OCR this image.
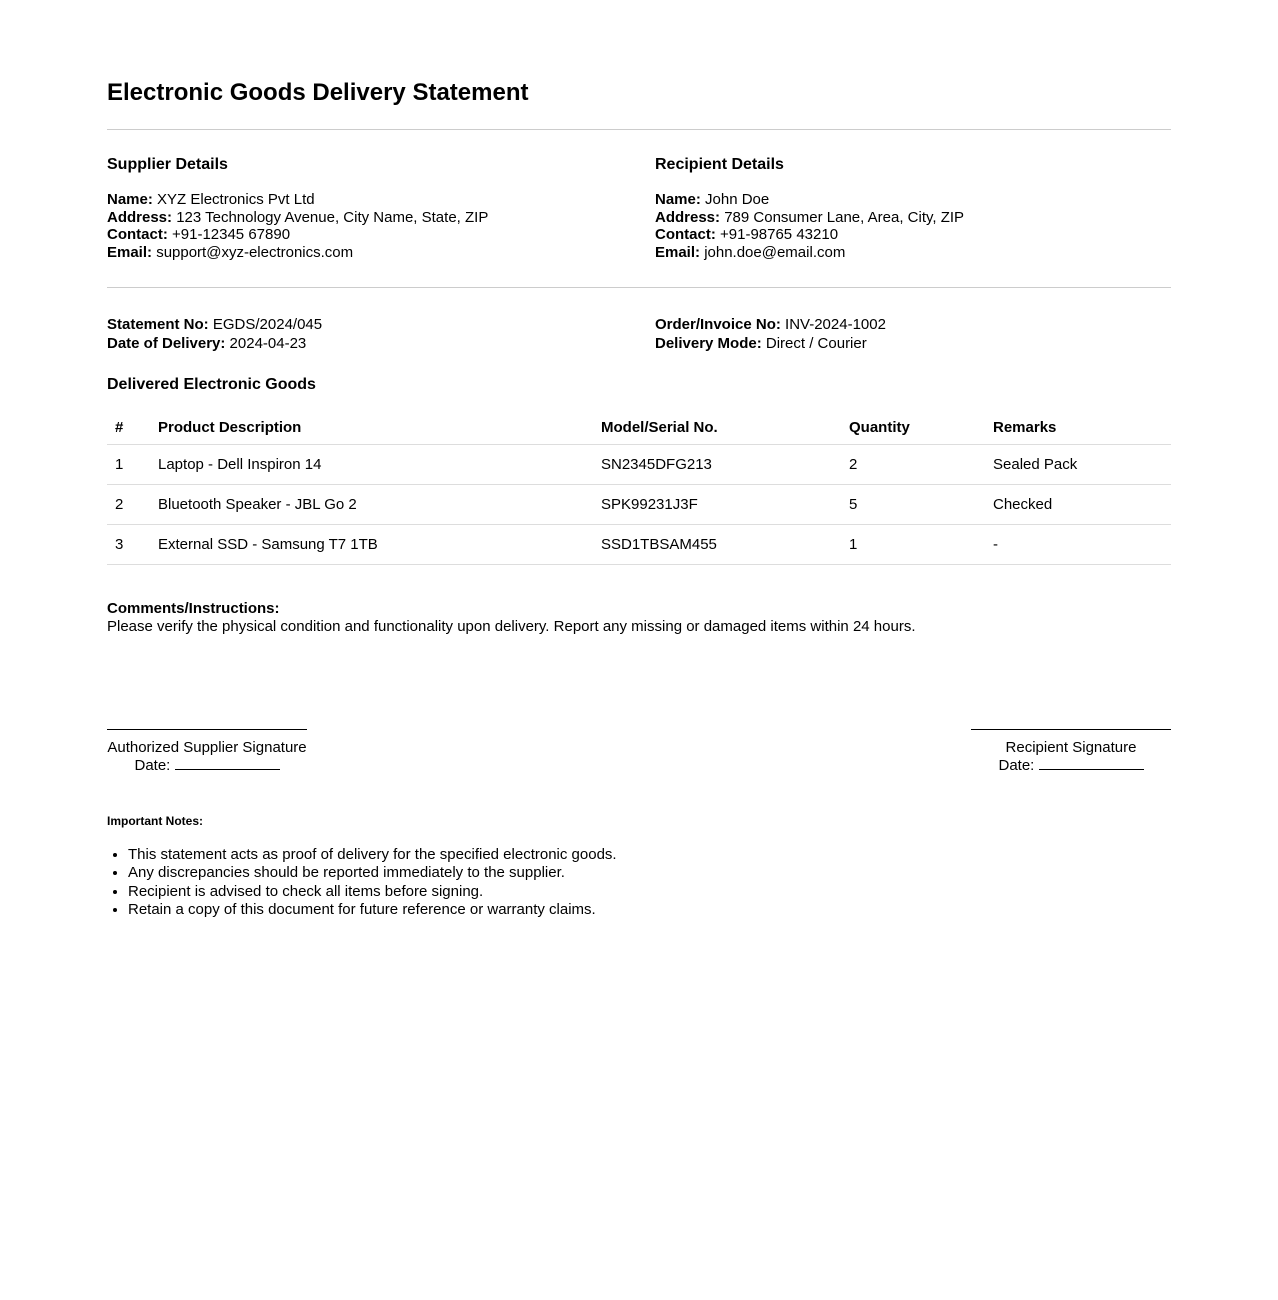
Electronic Goods Delivery Statement
Supplier Details
Name: XYZ Electronics Pvt Ltd
Address: 123 Technology Avenue, City Name, State, ZIP
Contact: +91-12345 67890
Email: support@xyz-electronics.com
Recipient Details
Name: John Doe
Address: 789 Consumer Lane, Area, City, ZIP
Contact: +91-98765 43210
Email: john.doe@email.com
Statement No: EGDS/2024/045
Date of Delivery: 2024-04-23
Order/Invoice No: INV-2024-1002
Delivery Mode: Direct / Courier
Delivered Electronic Goods
#	Product Description	Model/Serial No.	Quantity	Remarks
1	Laptop - Dell Inspiron 14	SN2345DFG213	2	Sealed Pack
2	Bluetooth Speaker - JBL Go 2	SPK99231J3F	5	Checked
3	External SSD - Samsung T7 1TB	SSD1TBSAM455	1	-
Comments/Instructions:
Please verify the physical condition and functionality upon delivery. Report any missing or damaged items within 24 hours.
Authorized Supplier Signature
Date:
Recipient Signature
Date:
Important Notes:
• This statement acts as proof of delivery for the specified electronic goods.
• Any discrepancies should be reported immediately to the supplier.
• Recipient is advised to check all items before signing.
• Retain a copy of this document for future reference or warranty claims.
